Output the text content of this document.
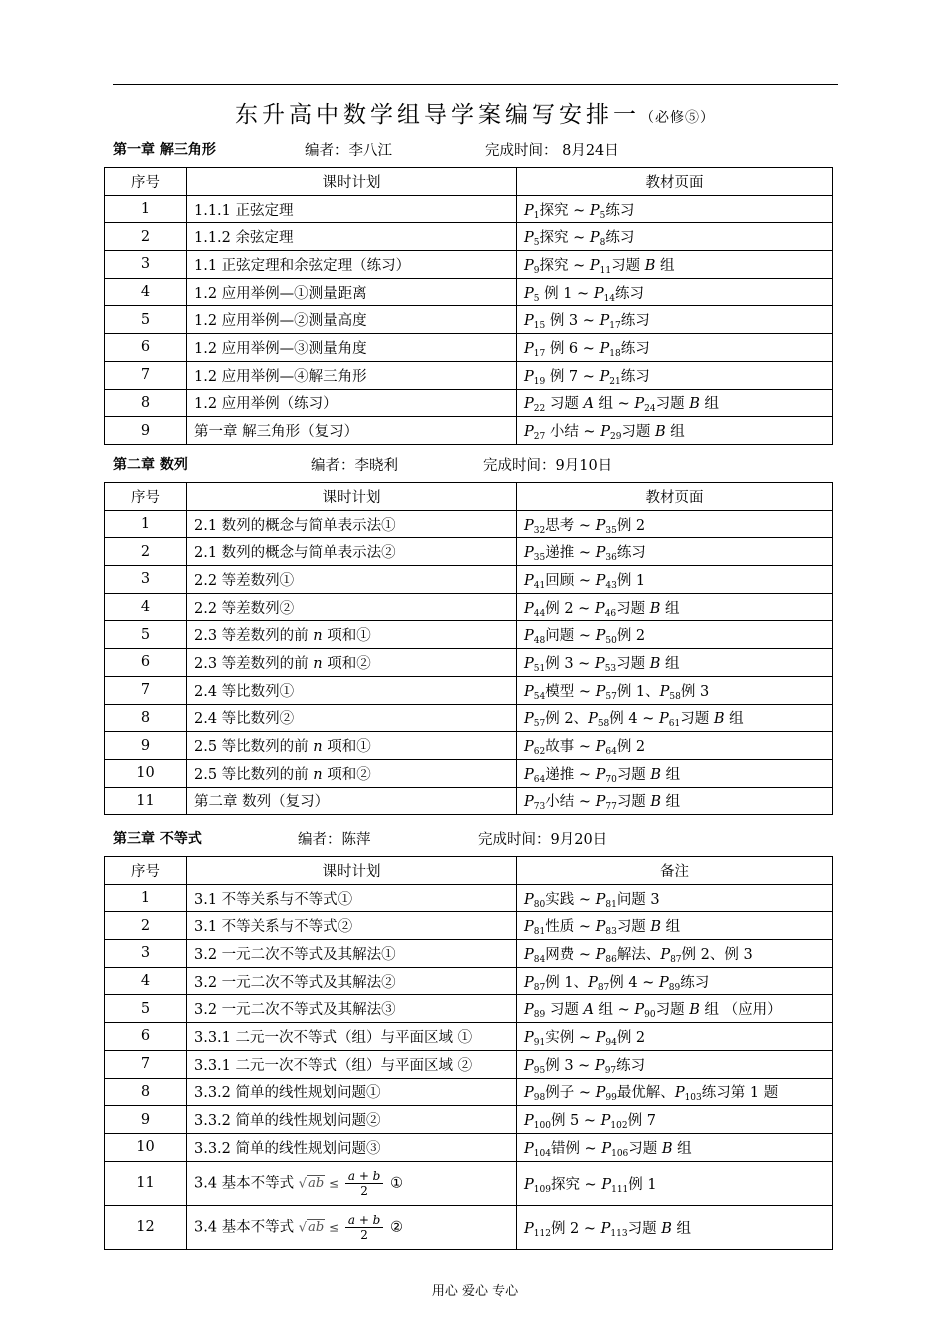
东升高中数学组导学案编写安排一（必修⑤）
第一章 解三角形	编者：李八江	完成时间： 8月24日
序号	课时计划	教材页面
1	1.1.1 正弦定理	$P_1$探究 ~ $P_5$练习
2	1.1.2 余弦定理	$P_5$探究 ~ $P_8$练习
3	1.1 正弦定理和余弦定理（练习）	$P_9$探究 ~ $P_{11}$习题 B 组
4	1.2 应用举例—①测量距离	$P_5$ 例 1 ~ $P_{14}$练习
5	1.2 应用举例—②测量高度	$P_{15}$ 例 3 ~ $P_{17}$练习
6	1.2 应用举例—③测量角度	$P_{17}$ 例 6 ~ $P_{18}$练习
7	1.2 应用举例—④解三角形	$P_{19}$ 例 7 ~ $P_{21}$练习
8	1.2 应用举例（练习）	$P_{22}$ 习题 A 组 ~ $P_{24}$习题 B 组
9	第一章 解三角形（复习）	$P_{27}$ 小结 ~ $P_{29}$习题 B 组
第二章 数列	编者：李晓利	完成时间：9月10日
序号	课时计划	教材页面
1	2.1 数列的概念与简单表示法①	$P_{32}$思考 ~ $P_{35}$例 2
2	2.1 数列的概念与简单表示法②	$P_{35}$递推 ~ $P_{36}$练习
3	2.2 等差数列①	$P_{41}$回顾 ~ $P_{43}$例 1
4	2.2 等差数列②	$P_{44}$例 2 ~ $P_{46}$习题 B 组
5	2.3 等差数列的前 n 项和①	$P_{48}$问题 ~ $P_{50}$例 2
6	2.3 等差数列的前 n 项和②	$P_{51}$例 3 ~ $P_{53}$习题 B 组
7	2.4 等比数列①	$P_{54}$模型 ~ $P_{57}$例 1、$P_{58}$例 3
8	2.4 等比数列②	$P_{57}$例 2、$P_{58}$例 4 ~ $P_{61}$习题 B 组
9	2.5 等比数列的前 n 项和①	$P_{62}$故事 ~ $P_{64}$例 2
10	2.5 等比数列的前 n 项和②	$P_{64}$递推 ~ $P_{70}$习题 B 组
11	第二章 数列（复习）	$P_{73}$小结 ~ $P_{77}$习题 B 组
第三章 不等式	编者：陈萍	完成时间：9月20日
序号	课时计划	备注
1	3.1 不等关系与不等式①	$P_{80}$实践 ~ $P_{81}$问题 3
2	3.1 不等关系与不等式②	$P_{81}$性质 ~ $P_{83}$习题 B 组
3	3.2 一元二次不等式及其解法①	$P_{84}$网费 ~ $P_{86}$解法、$P_{87}$例 2、例 3
4	3.2 一元二次不等式及其解法②	$P_{87}$例 1、$P_{87}$例 4 ~ $P_{89}$练习
5	3.2 一元二次不等式及其解法③	$P_{89}$ 习题 A 组 ~ $P_{90}$习题 B 组 （应用）
6	3.3.1 二元一次不等式（组）与平面区域 ①	$P_{91}$实例 ~ $P_{94}$例 2
7	3.3.1 二元一次不等式（组）与平面区域 ②	$P_{95}$例 3 ~ $P_{97}$练习
8	3.3.2 简单的线性规划问题①	$P_{98}$例子 ~ $P_{99}$最优解、$P_{103}$练习第 1 题
9	3.3.2 简单的线性规划问题②	$P_{100}$例 5 ~ $P_{102}$例 7
10	3.3.2 简单的线性规划问题③	$P_{104}$错例 ~ $P_{106}$习题 B 组
11	3.4 基本不等式 $√ab \le \frac{a + b}{2}$ ①	$P_{109}$探究 ~ $P_{111}$例 1
12	3.4 基本不等式 $√ab \le \frac{a + b}{2}$ ②	$P_{112}$例 2 ~ $P_{113}$习题 B 组
用心 爱心 专心
